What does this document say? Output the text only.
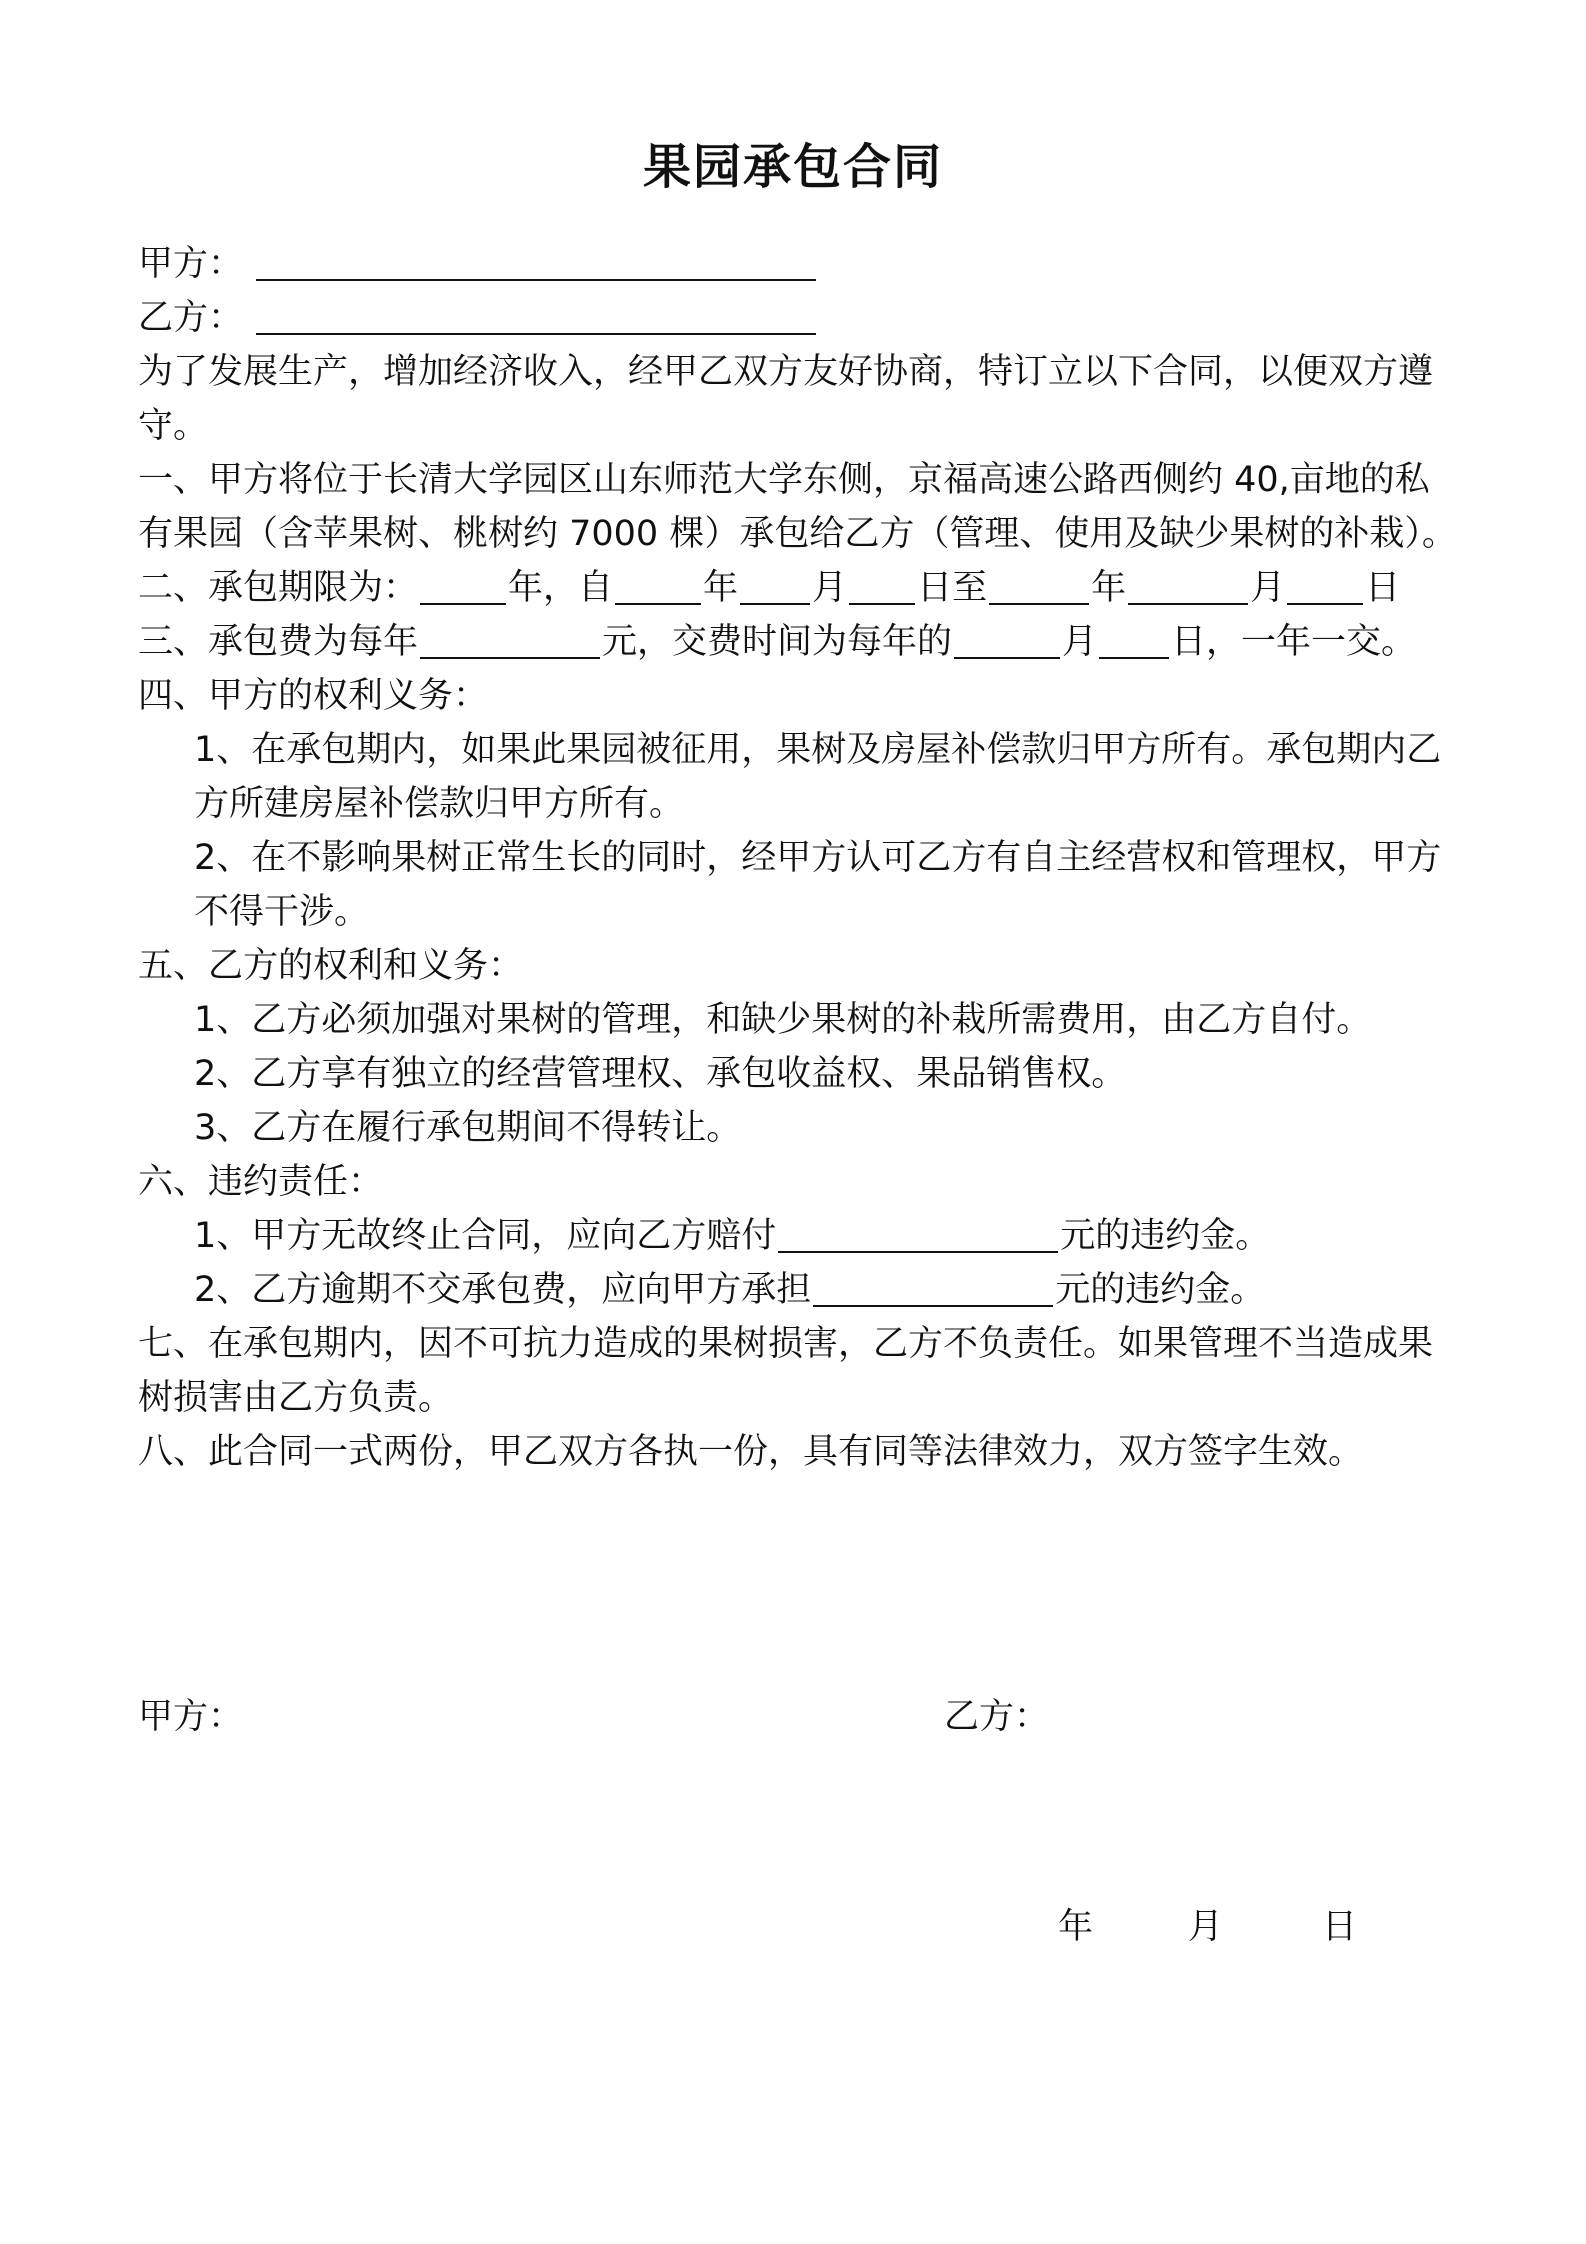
果园承包合同
甲方：
乙方：
为了发展生产，增加经济收入，经甲乙双方友好协商，特订立以下合同，以便双方遵守。
一、甲方将位于长清大学园区山东师范大学东侧，京福高速公路西侧约 40,亩地的私有果园（含苹果树、桃树约 7000 棵）承包给乙方（管理、使用及缺少果树的补栽）。
二、承包期限为：	年，自	年 月 日至	年	月 日
三、承包费为每年	元，交费时间为每年的	月 日，一年一交。
四、甲方的权利义务：
1、在承包期内，如果此果园被征用，果树及房屋补偿款归甲方所有。承包期内乙方所建房屋补偿款归甲方所有。
2、在不影响果树正常生长的同时，经甲方认可乙方有自主经营权和管理权，甲方不得干涉。
五、乙方的权利和义务：
1、乙方必须加强对果树的管理，和缺少果树的补栽所需费用，由乙方自付。
2、乙方享有独立的经营管理权、承包收益权、果品销售权。
3、乙方在履行承包期间不得转让。
六、违约责任：
1、甲方无故终止合同，应向乙方赔付	元的违约金。
2、乙方逾期不交承包费，应向甲方承担	元的违约金。
七、在承包期内，因不可抗力造成的果树损害，乙方不负责任。如果管理不当造成果树损害由乙方负责。
八、此合同一式两份，甲乙双方各执一份，具有同等法律效力，双方签字生效。
甲方：	乙方：
年	月	日
